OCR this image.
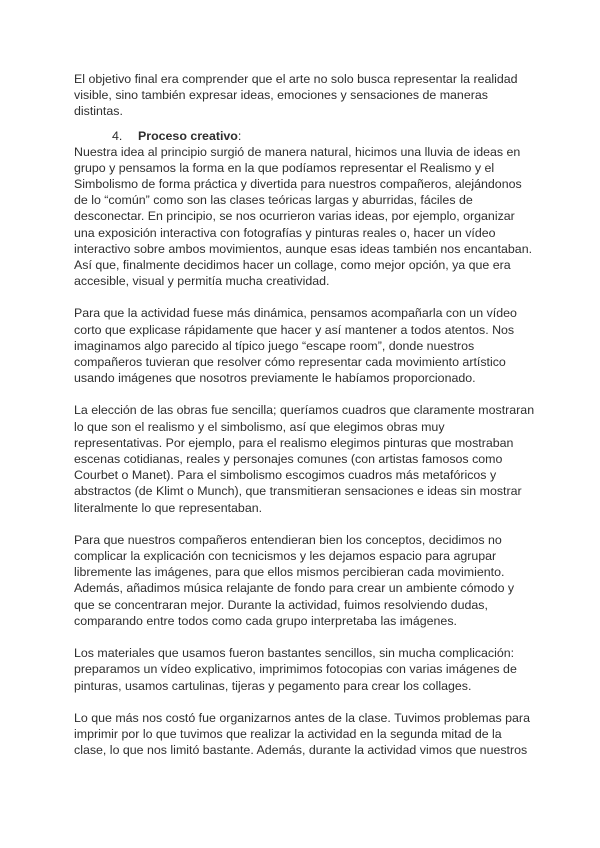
El objetivo final era comprender que el arte no solo busca representar la realidad visible, sino también expresar ideas, emociones y sensaciones de maneras distintas.

4.	Proceso creativo :

Nuestra idea al principio surgió de manera natural, hicimos una lluvia de ideas en grupo y pensamos la forma en la que podíamos representar el Realismo y el Simbolismo de forma práctica y divertida para nuestros compañeros, alejándonos de lo “común” como son las clases teóricas largas y aburridas, fáciles de desconectar. En principio, se nos ocurrieron varias ideas, por ejemplo, organizar una exposición interactiva con fotografías y pinturas reales o, hacer un vídeo interactivo sobre ambos movimientos, aunque esas ideas también nos encantaban. Así que, finalmente decidimos hacer un collage, como mejor opción, ya que era accesible, visual y permitía mucha creatividad.

Para que la actividad fuese más dinámica, pensamos acompañarla con un vídeo corto que explicase rápidamente que hacer y así mantener a todos atentos. Nos imaginamos algo parecido al típico juego “escape room”, donde nuestros compañeros tuvieran que resolver cómo representar cada movimiento artístico usando imágenes que nosotros previamente le habíamos proporcionado.

La elección de las obras fue sencilla; queríamos cuadros que claramente mostraran lo que son el realismo y el simbolismo, así que elegimos obras muy representativas. Por ejemplo, para el realismo elegimos pinturas que mostraban escenas cotidianas, reales y personajes comunes (con artistas famosos como Courbet o Manet). Para el simbolismo escogimos cuadros más metafóricos y abstractos (de Klimt o Munch), que transmitieran sensaciones e ideas sin mostrar literalmente lo que representaban.

Para que nuestros compañeros entendieran bien los conceptos, decidimos no complicar la explicación con tecnicismos y les dejamos espacio para agrupar libremente las imágenes, para que ellos mismos percibieran cada movimiento. Además, añadimos música relajante de fondo para crear un ambiente cómodo y que se concentraran mejor. Durante la actividad, fuimos resolviendo dudas, comparando entre todos como cada grupo interpretaba las imágenes.

Los materiales que usamos fueron bastantes sencillos, sin mucha complicación: preparamos un vídeo explicativo, imprimimos fotocopias con varias imágenes de pinturas, usamos cartulinas, tijeras y pegamento para crear los collages.

Lo que más nos costó fue organizarnos antes de la clase. Tuvimos problemas para imprimir por lo que tuvimos que realizar la actividad en la segunda mitad de la clase, lo que nos limitó bastante. Además, durante la actividad vimos que nuestros
